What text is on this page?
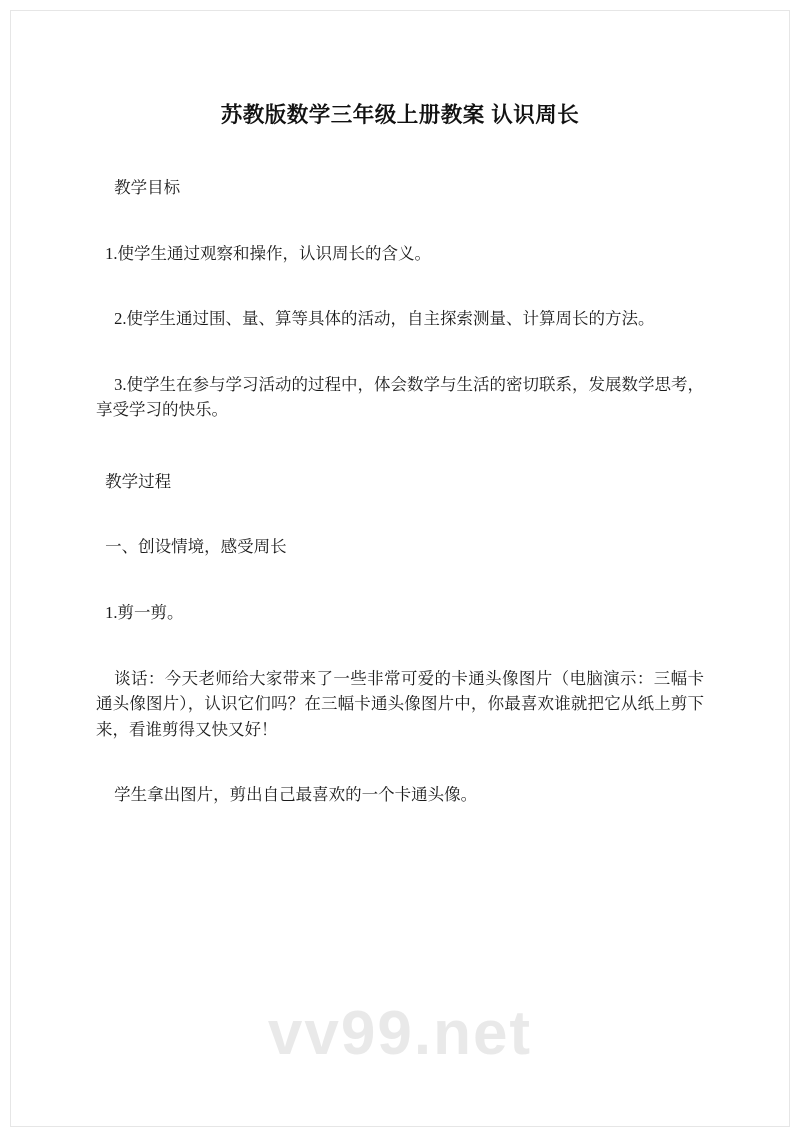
苏教版数学三年级上册教案 认识周长

教学目标

1.使学生通过观察和操作，认识周长的含义。

2.使学生通过围、量、算等具体的活动，自主探索测量、计算周长的方法。

3.使学生在参与学习活动的过程中，体会数学与生活的密切联系，发展数学思考，享受学习的快乐。

教学过程

一、创设情境，感受周长

1.剪一剪。

谈话：今天老师给大家带来了一些非常可爱的卡通头像图片（电脑演示：三幅卡通头像图片），认识它们吗？在三幅卡通头像图片中，你最喜欢谁就把它从纸上剪下来，看谁剪得又快又好！

学生拿出图片，剪出自己最喜欢的一个卡通头像。

vv99.net
